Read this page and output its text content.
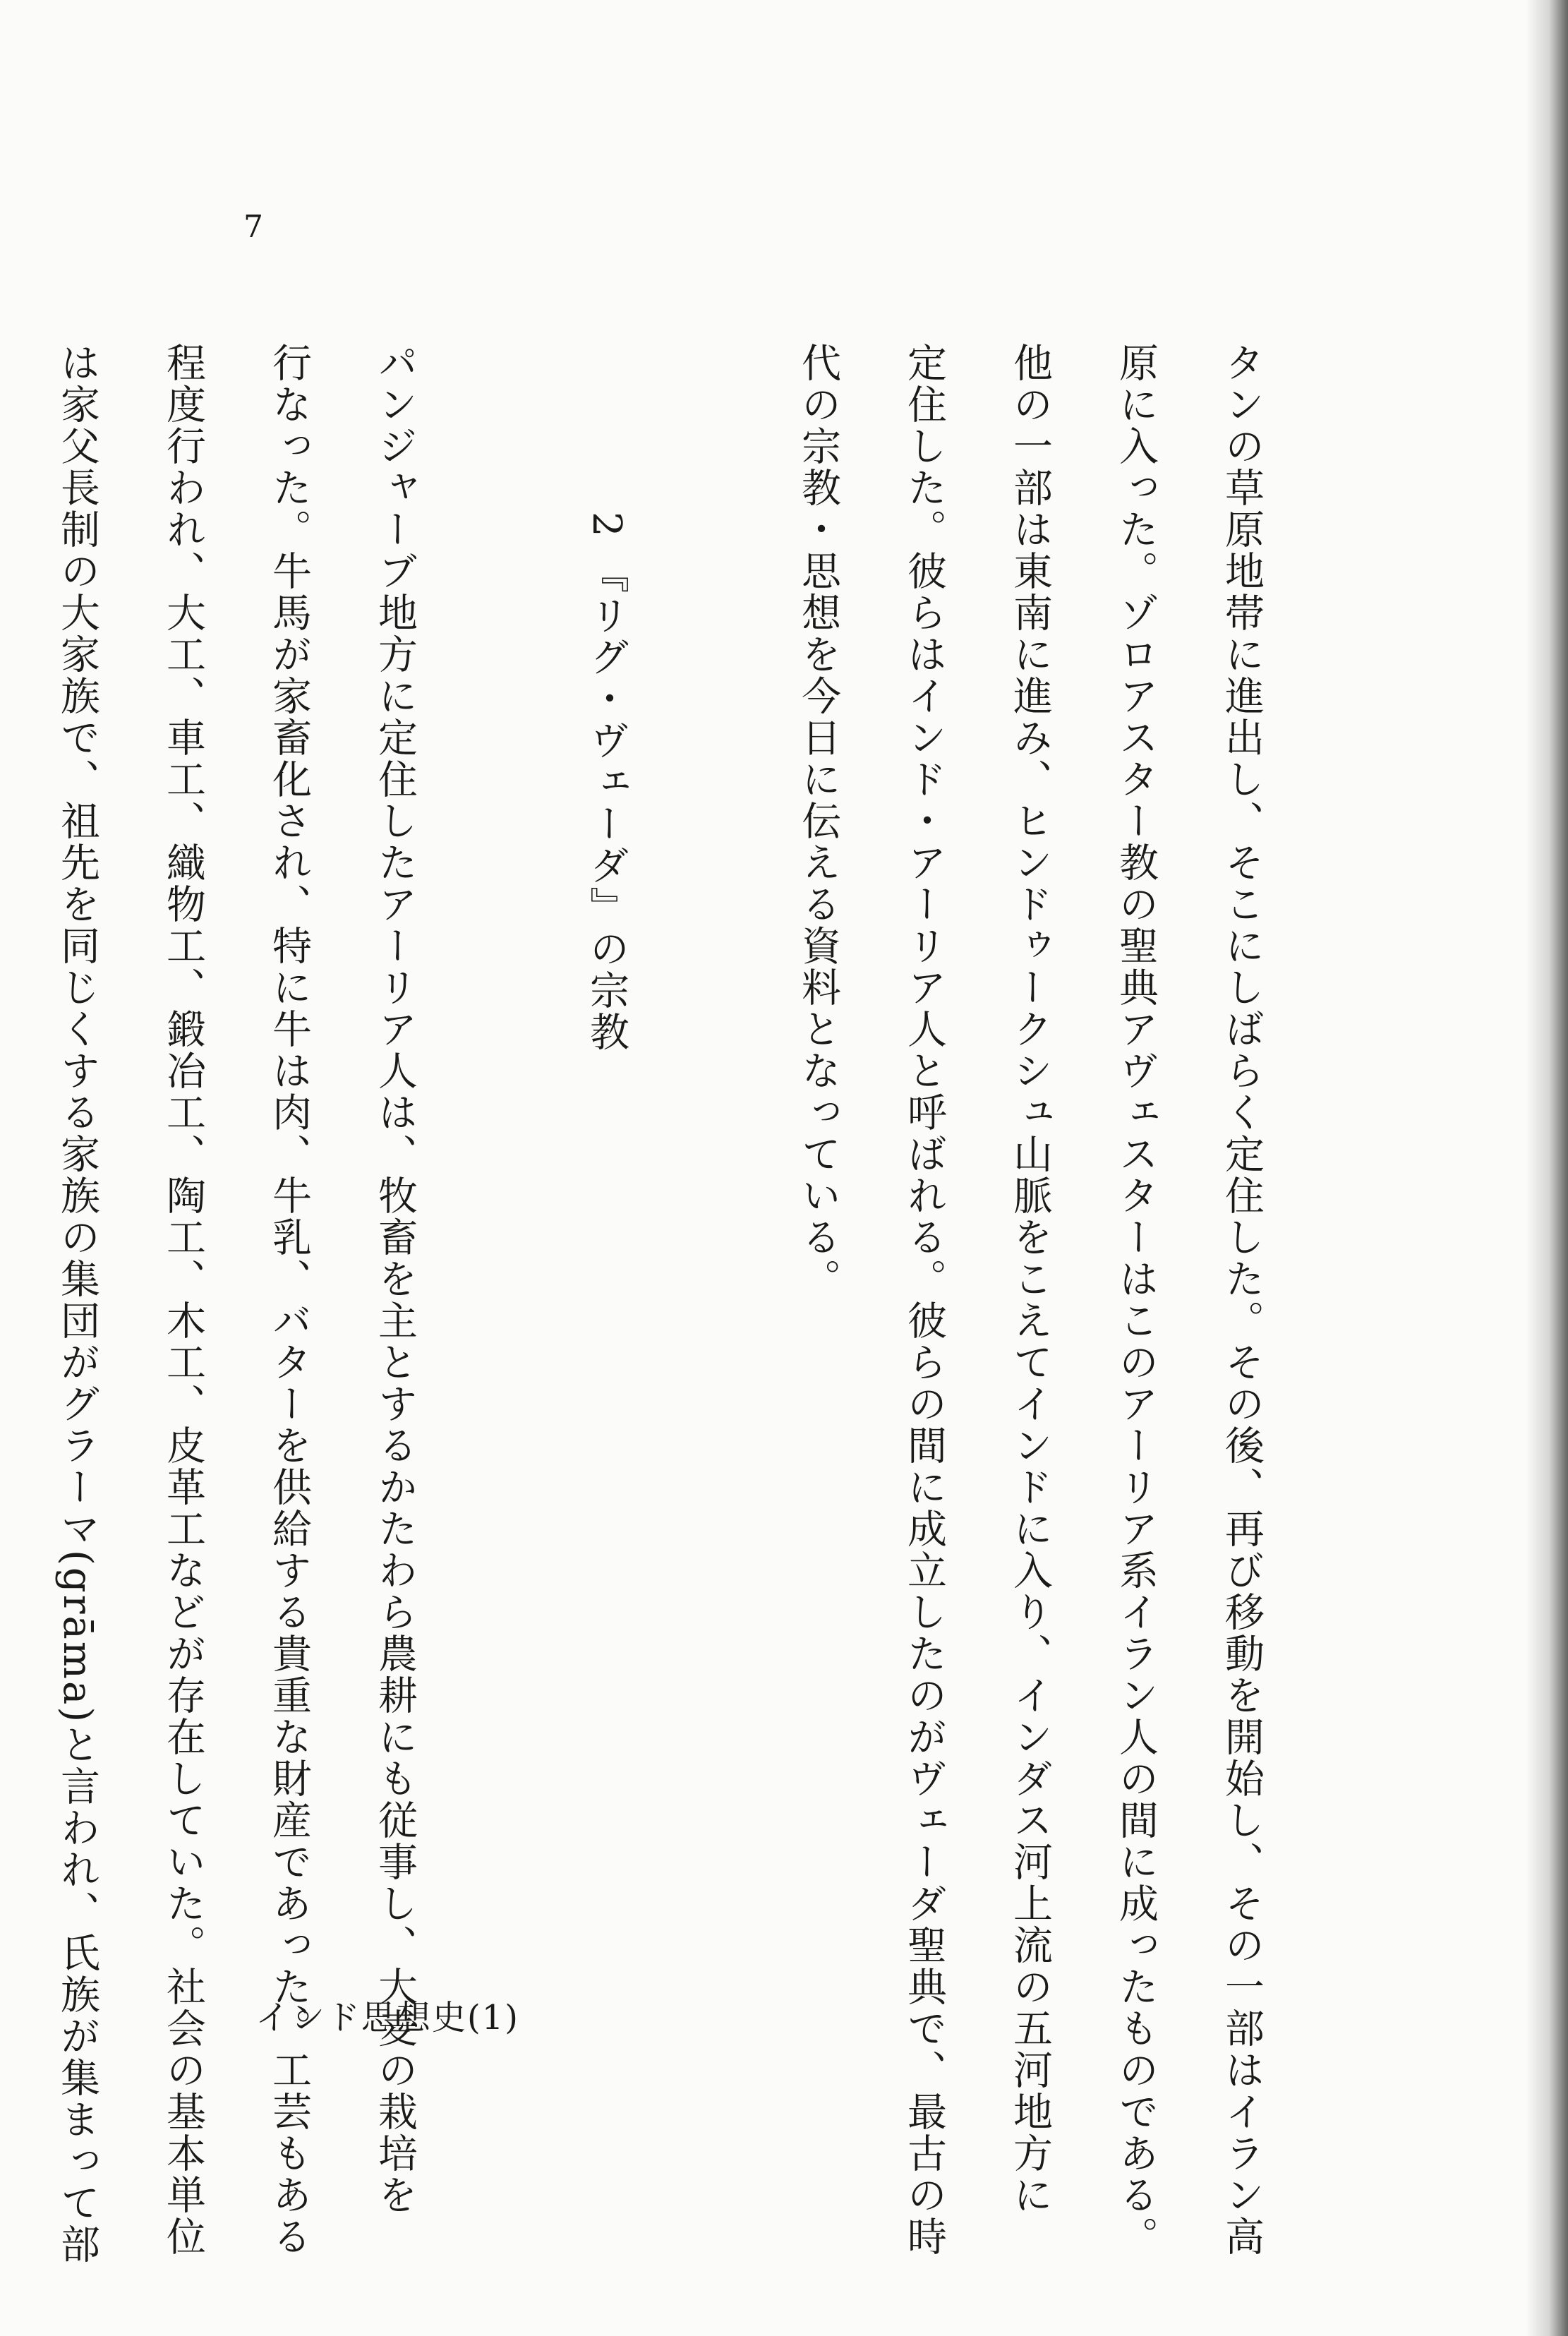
7
タンの草原地帯に進出し、そこにしばらく定住した。その後、再び移動を開始し、その一部はイラン高
原に入った。ゾロアスター教の聖典アヴェスターはこのアーリア系イラン人の間に成ったものである。
他の一部は東南に進み、ヒンドゥークシュ山脈をこえてインドに入り、インダス河上流の五河地方に
定住した。彼らはインド・アーリア人と呼ばれる。彼らの間に成立したのがヴェーダ聖典で、最古の時
代の宗教・思想を今日に伝える資料となっている。
2 『リグ・ヴェーダ』の宗教
パンジャーブ地方に定住したアーリア人は、牧畜を主とするかたわら農耕にも従事し、大麦の栽培を
行なった。牛馬が家畜化され、特に牛は肉、牛乳、バターを供給する貴重な財産であった。工芸もある
程度行われ、大工、車工、織物工、鍛冶工、陶工、木工、皮革工などが存在していた。社会の基本単位
は家父長制の大家族で、祖先を同じくする家族の集団がグラーマ(grāma)と言われ、氏族が集まって部	インド思想史(1)
